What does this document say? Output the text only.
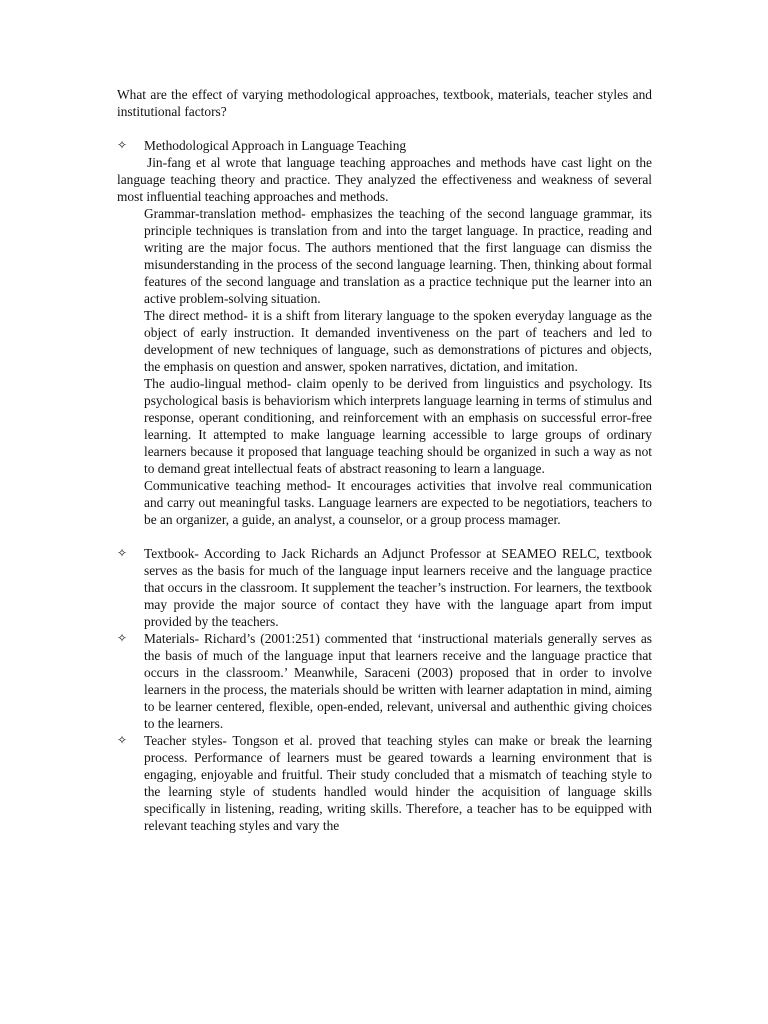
What are the effect of varying methodological approaches, textbook, materials, teacher styles and institutional factors?

✧	Methodological Approach in Language Teaching

Jin-fang et al wrote that language teaching approaches and methods have cast light on the language teaching theory and practice. They analyzed the effectiveness and weakness of several most influential teaching approaches and methods.

Grammar-translation method- emphasizes the teaching of the second language grammar, its principle techniques is translation from and into the target language. In practice, reading and writing are the major focus. The authors mentioned that the first language can dismiss the misunderstanding in the process of the second language learning. Then, thinking about formal features of the second language and translation as a practice technique put the learner into an active problem-solving situation.

The direct method- it is a shift from literary language to the spoken everyday language as the object of early instruction. It demanded inventiveness on the part of teachers and led to development of new techniques of language, such as demonstrations of pictures and objects, the emphasis on question and answer, spoken narratives, dictation, and imitation.

The audio-lingual method- claim openly to be derived from linguistics and psychology. Its psychological basis is behaviorism which interprets language learning in terms of stimulus and response, operant conditioning, and reinforcement with an emphasis on successful error-free learning. It attempted to make language learning accessible to large groups of ordinary learners because it proposed that language teaching should be organized in such a way as not to demand great intellectual feats of abstract reasoning to learn a language.

Communicative teaching method- It encourages activities that involve real communication and carry out meaningful tasks. Language learners are expected to be negotiatiors, teachers to be an organizer, a guide, an analyst, a counselor, or a group process mamager.

✧	Textbook- According to Jack Richards an Adjunct Professor at SEAMEO RELC, textbook serves as the basis for much of the language input learners receive and the language practice that occurs in the classroom. It supplement the teacher’s instruction. For learners, the textbook may provide the major source of contact they have with the language apart from imput provided by the teachers.

✧	Materials- Richard’s (2001:251) commented that ‘instructional materials generally serves as the basis of much of the language input that learners receive and the language practice that occurs in the classroom.’ Meanwhile, Saraceni (2003) proposed that in order to involve learners in the process, the materials should be written with learner adaptation in mind, aiming to be learner centered, flexible, open-ended, relevant, universal and authenthic giving choices to the learners.

✧	Teacher styles- Tongson et al. proved that teaching styles can make or break the learning process. Performance of learners must be geared towards a learning environment that is engaging, enjoyable and fruitful. Their study concluded that a mismatch of teaching style to the learning style of students handled would hinder the acquisition of language skills specifically in listening, reading, writing skills. Therefore, a teacher has to be equipped with relevant teaching styles and vary the
